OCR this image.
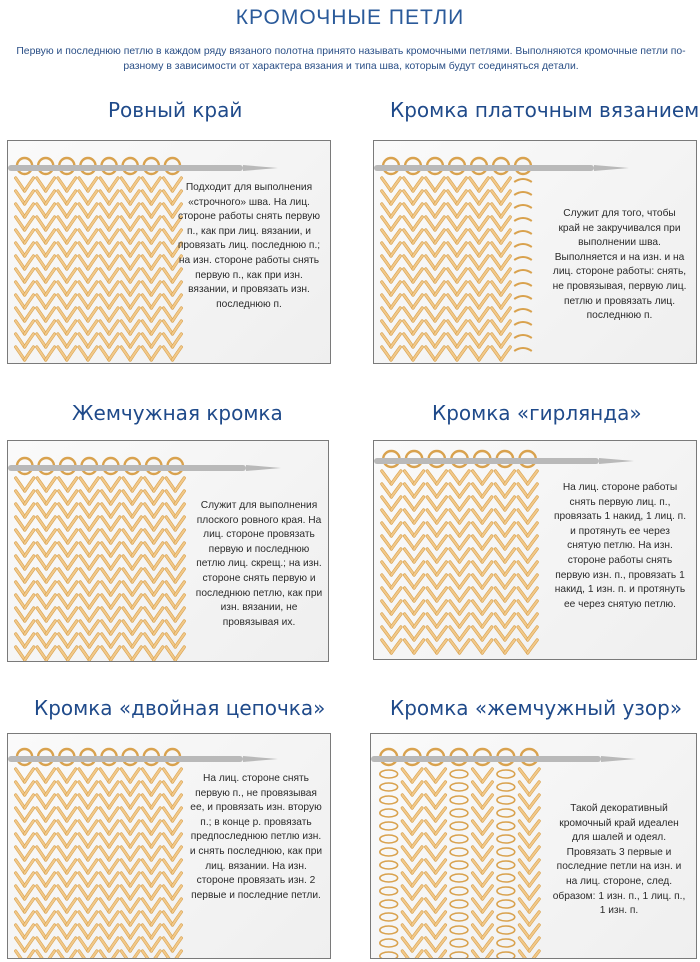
КРОМОЧНЫЕ ПЕТЛИ
Первую и последнюю петлю в каждом ряду вязаного полотна принято называть кромочными петлями. Выполняются кромочные петли по-разному в зависимости от характера вязания и типа шва, которым будут соединяться детали.
Ровный край
Подходит для выполнения «строчного» шва. На лиц. стороне работы снять первую п., как при лиц. вязании, и провязать лиц. последнюю п.; на изн. стороне работы снять первую п., как при изн. вязании, и провязать изн. последнюю п.
Кромка платочным вязанием
Служит для того, чтобы край не закручивался при выполнении шва. Выполняется и на изн. и на лиц. стороне работы: снять, не провязывая, первую лиц. петлю и провязать лиц. последнюю п.
Жемчужная кромка
Служит для выполнения плоского ровного края. На лиц. стороне провязать первую и последнюю петлю лиц. скрещ.; на изн. стороне снять первую и последнюю петлю, как при изн. вязании, не провязывая их.
Кромка «гирлянда»
На лиц. стороне работы снять первую лиц. п., провязать 1 накид, 1 лиц. п. и протянуть ее через снятую петлю. На изн. стороне работы снять первую изн. п., провязать 1 накид, 1 изн. п. и протянуть ее через снятую петлю.
Кромка «двойная цепочка»
На лиц. стороне снять первую п., не провязывая ее, и провязать изн. вторую п.; в конце р. провязать предпоследнюю петлю изн. и снять последнюю, как при лиц. вязании. На изн. стороне провязать изн. 2 первые и последние петли.
Кромка «жемчужный узор»
Такой декоративный кромочный край идеален для шалей и одеял. Провязать 3 первые и последние петли на изн. и на лиц. стороне, след. образом: 1 изн. п., 1 лиц. п., 1 изн. п.
